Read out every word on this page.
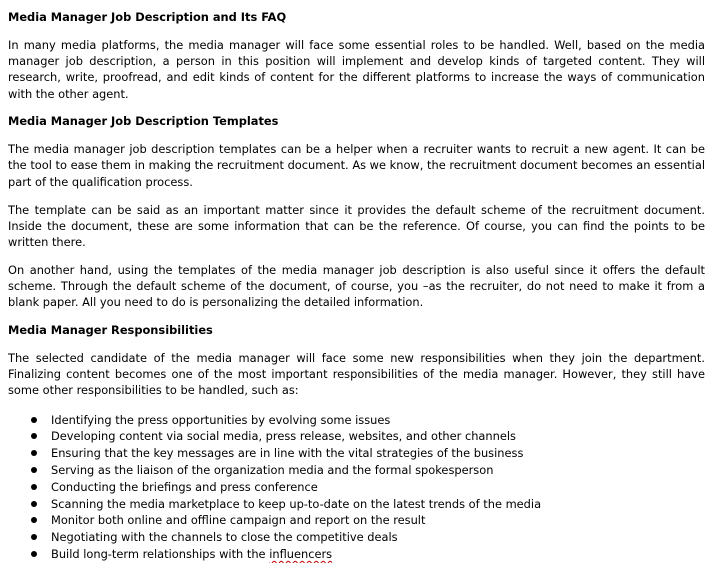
Media Manager Job Description and Its FAQ

In many media platforms, the media manager will face some essential roles to be handled. Well, based on the media manager job description, a person in this position will implement and develop kinds of targeted content. They will research, write, proofread, and edit kinds of content for the different platforms to increase the ways of communication with the other agent.

Media Manager Job Description Templates

The media manager job description templates can be a helper when a recruiter wants to recruit a new agent. It can be the tool to ease them in making the recruitment document. As we know, the recruitment document becomes an essential part of the qualification process.

The template can be said as an important matter since it provides the default scheme of the recruitment document. Inside the document, these are some information that can be the reference. Of course, you can find the points to be written there.

On another hand, using the templates of the media manager job description is also useful since it offers the default scheme. Through the default scheme of the document, of course, you –as the recruiter, do not need to make it from a blank paper. All you need to do is personalizing the detailed information.

Media Manager Responsibilities

The selected candidate of the media manager will face some new responsibilities when they join the department. Finalizing content becomes one of the most important responsibilities of the media manager. However, they still have some other responsibilities to be handled, such as:

Identifying the press opportunities by evolving some issues
Developing content via social media, press release, websites, and other channels
Ensuring that the key messages are in line with the vital strategies of the business
Serving as the liaison of the organization media and the formal spokesperson
Conducting the briefings and press conference
Scanning the media marketplace to keep up-to-date on the latest trends of the media
Monitor both online and offline campaign and report on the result
Negotiating with the channels to close the competitive deals
Build long-term relationships with the influencers
